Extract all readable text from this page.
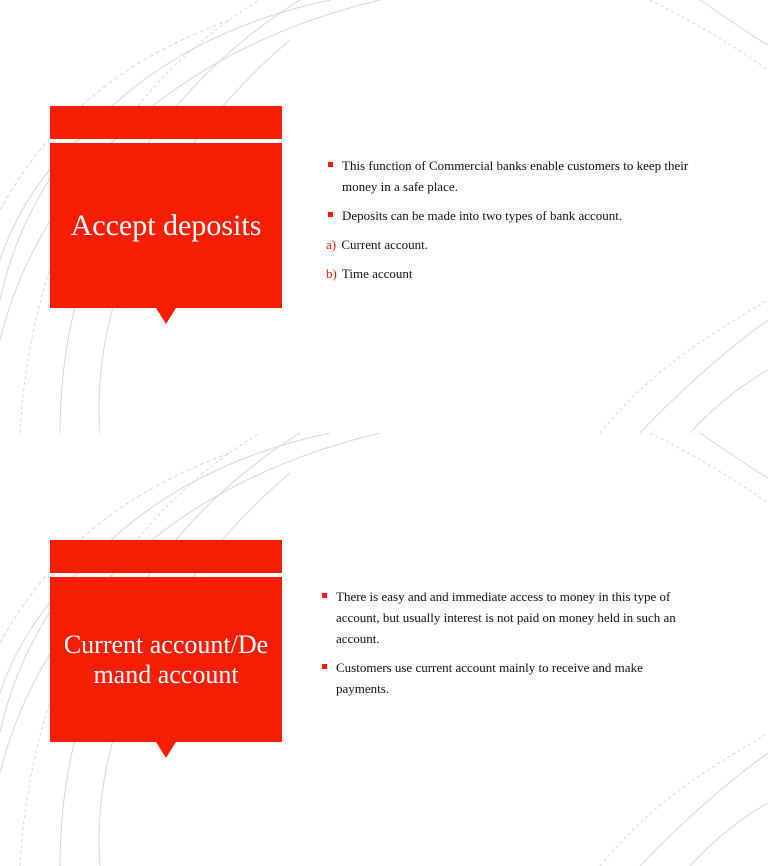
Accept deposits
This function of Commercial banks enable customers to keep their money in a safe place.
Deposits can be made into two types of bank account.
a) Current account.
b) Time account
Current account/Demand account
There is easy and and immediate access to money in this type of account, but usually interest is not paid on money held in such an account.
Customers use current account mainly to receive and make payments.
